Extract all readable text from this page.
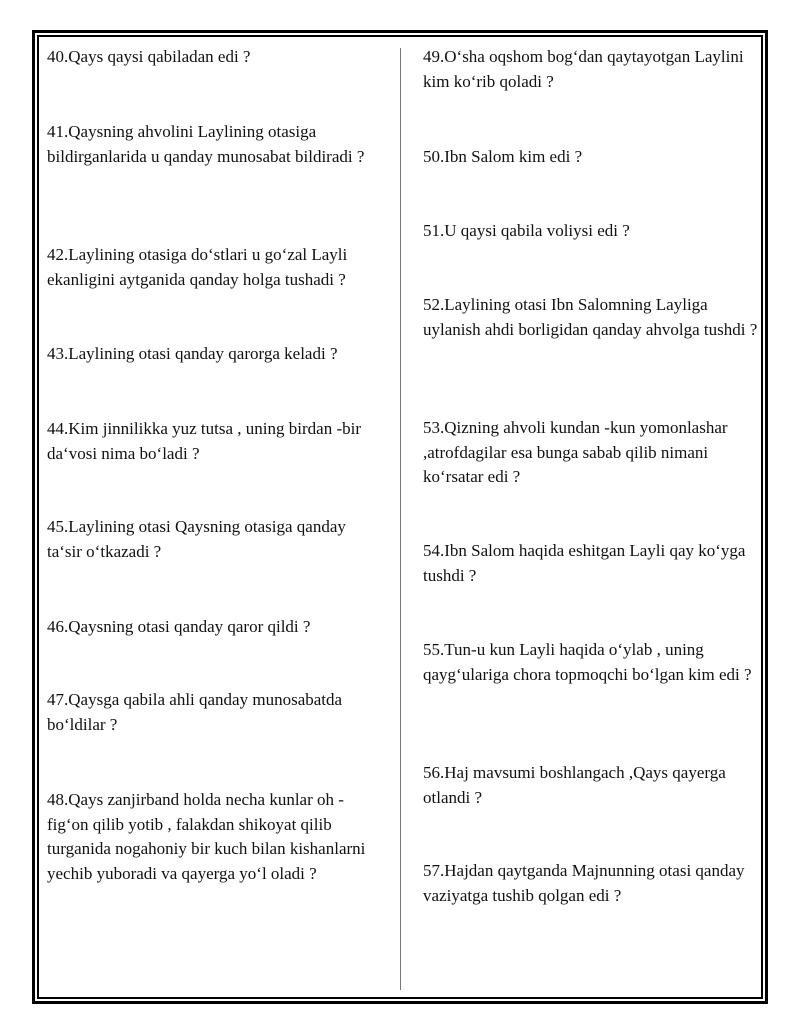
40.Qays qaysi qabiladan edi ?

41.Qaysning ahvolini Laylining otasiga bildirganlarida u qanday munosabat bildiradi ?

42.Laylining otasiga do‘stlari u go‘zal Layli ekanligini aytganida qanday holga tushadi ?

43.Laylining otasi qanday qarorga keladi ?

44.Kim jinnilikka yuz tutsa , uning birdan -bir da‘vosi nima bo‘ladi ?

45.Laylining otasi Qaysning otasiga qanday ta‘sir o‘tkazadi ?

46.Qaysning otasi qanday qaror qildi ?

47.Qaysga qabila ahli qanday munosabatda bo‘ldilar ?

48.Qays zanjirband holda necha kunlar oh -fig‘on qilib yotib , falakdan shikoyat qilib turganida nogahoniy bir kuch bilan kishanlarni yechib yuboradi va qayerga yo‘l oladi ?

49.O‘sha oqshom bog‘dan qaytayotgan Laylini kim ko‘rib qoladi ?

50.Ibn Salom kim edi ?

51.U qaysi qabila voliysi edi ?

52.Laylining otasi Ibn Salomning Layliga uylanish ahdi borligidan qanday ahvolga tushdi ?

53.Qizning ahvoli kundan -kun yomonlashar ,atrofdagilar esa bunga sabab qilib nimani ko‘rsatar edi ?

54.Ibn Salom haqida eshitgan Layli qay ko‘yga tushdi ?

55.Tun-u kun Layli haqida o‘ylab , uning qayg‘ulariga chora topmoqchi bo‘lgan kim edi ?

56.Haj mavsumi boshlangach ,Qays qayerga otlandi ?

57.Hajdan qaytganda Majnunning otasi qanday vaziyatga tushib qolgan edi ?
